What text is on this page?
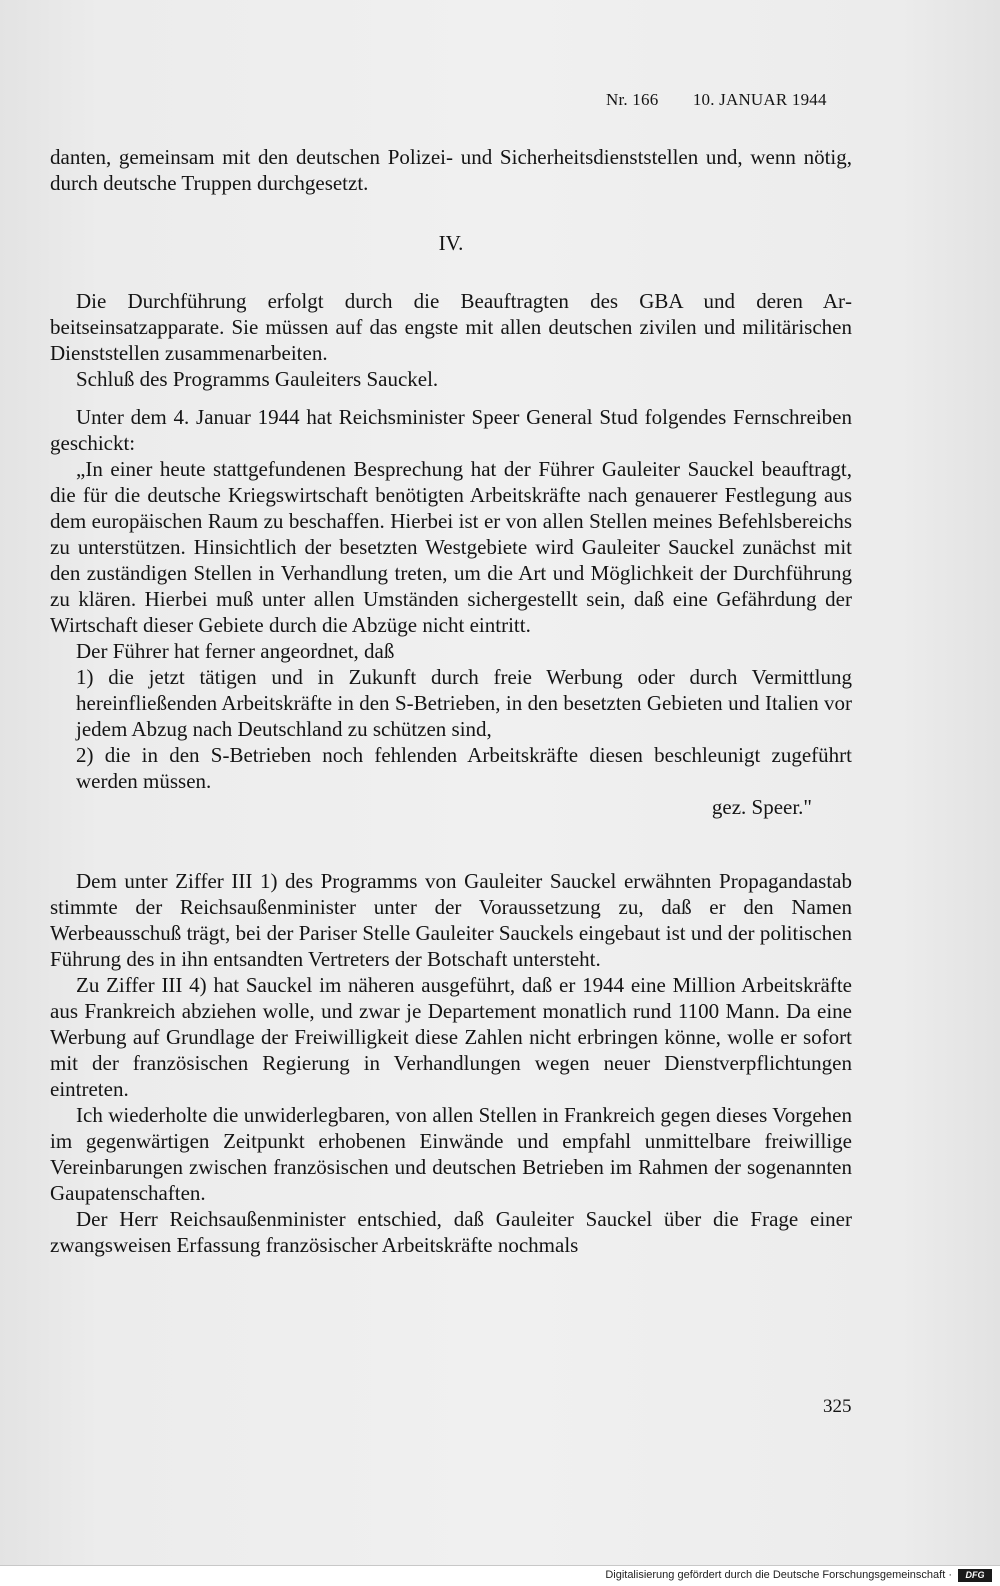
Nr. 166 10. JANUAR 1944

danten, gemeinsam mit den deutschen Polizei- und Sicherheitsdienststellen und, wenn nötig, durch deutsche Truppen durchgesetzt.

IV.

Die Durchführung erfolgt durch die Beauftragten des GBA und deren Arbeitseinsatzapparate. Sie müssen auf das engste mit allen deutschen zivilen und militärischen Dienststellen zusammenarbeiten.

Schluß des Programms Gauleiters Sauckel.

Unter dem 4. Januar 1944 hat Reichsminister Speer General Stud folgendes Fernschreiben geschickt:

„In einer heute stattgefundenen Besprechung hat der Führer Gauleiter Sauckel beauftragt, die für die deutsche Kriegswirtschaft benötigten Arbeitskräfte nach genauerer Festlegung aus dem europäischen Raum zu beschaffen. Hierbei ist er von allen Stellen meines Befehlsbereichs zu unterstützen. Hinsichtlich der besetzten Westgebiete wird Gauleiter Sauckel zunächst mit den zuständigen Stellen in Verhandlung treten, um die Art und Möglichkeit der Durchführung zu klären. Hierbei muß unter allen Umständen sichergestellt sein, daß eine Gefährdung der Wirtschaft dieser Gebiete durch die Abzüge nicht eintritt.

Der Führer hat ferner angeordnet, daß

1) die jetzt tätigen und in Zukunft durch freie Werbung oder durch Vermittlung hereinfließenden Arbeitskräfte in den S-Betrieben, in den besetzten Gebieten und Italien vor jedem Abzug nach Deutschland zu schützen sind,

2) die in den S-Betrieben noch fehlenden Arbeitskräfte diesen beschleunigt zugeführt werden müssen.

gez. Speer."

Dem unter Ziffer III 1) des Programms von Gauleiter Sauckel erwähnten Propagandastab stimmte der Reichsaußenminister unter der Voraussetzung zu, daß er den Namen Werbeausschuß trägt, bei der Pariser Stelle Gauleiter Sauckels eingebaut ist und der politischen Führung des in ihn entsandten Vertreters der Botschaft untersteht.

Zu Ziffer III 4) hat Sauckel im näheren ausgeführt, daß er 1944 eine Million Arbeitskräfte aus Frankreich abziehen wolle, und zwar je Departement monatlich rund 1100 Mann. Da eine Werbung auf Grundlage der Freiwilligkeit diese Zahlen nicht erbringen könne, wolle er sofort mit der französischen Regierung in Verhandlungen wegen neuer Dienstverpflichtungen eintreten.

Ich wiederholte die unwiderlegbaren, von allen Stellen in Frankreich gegen dieses Vorgehen im gegenwärtigen Zeitpunkt erhobenen Einwände und empfahl unmittelbare freiwillige Vereinbarungen zwischen französischen und deutschen Betrieben im Rahmen der sogenannten Gaupatenschaften.

Der Herr Reichsaußenminister entschied, daß Gauleiter Sauckel über die Frage einer zwangsweisen Erfassung französischer Arbeitskräfte nochmals

325
Digitalisierung gefördert durch die Deutsche Forschungsgemeinschaft ·	DFG
